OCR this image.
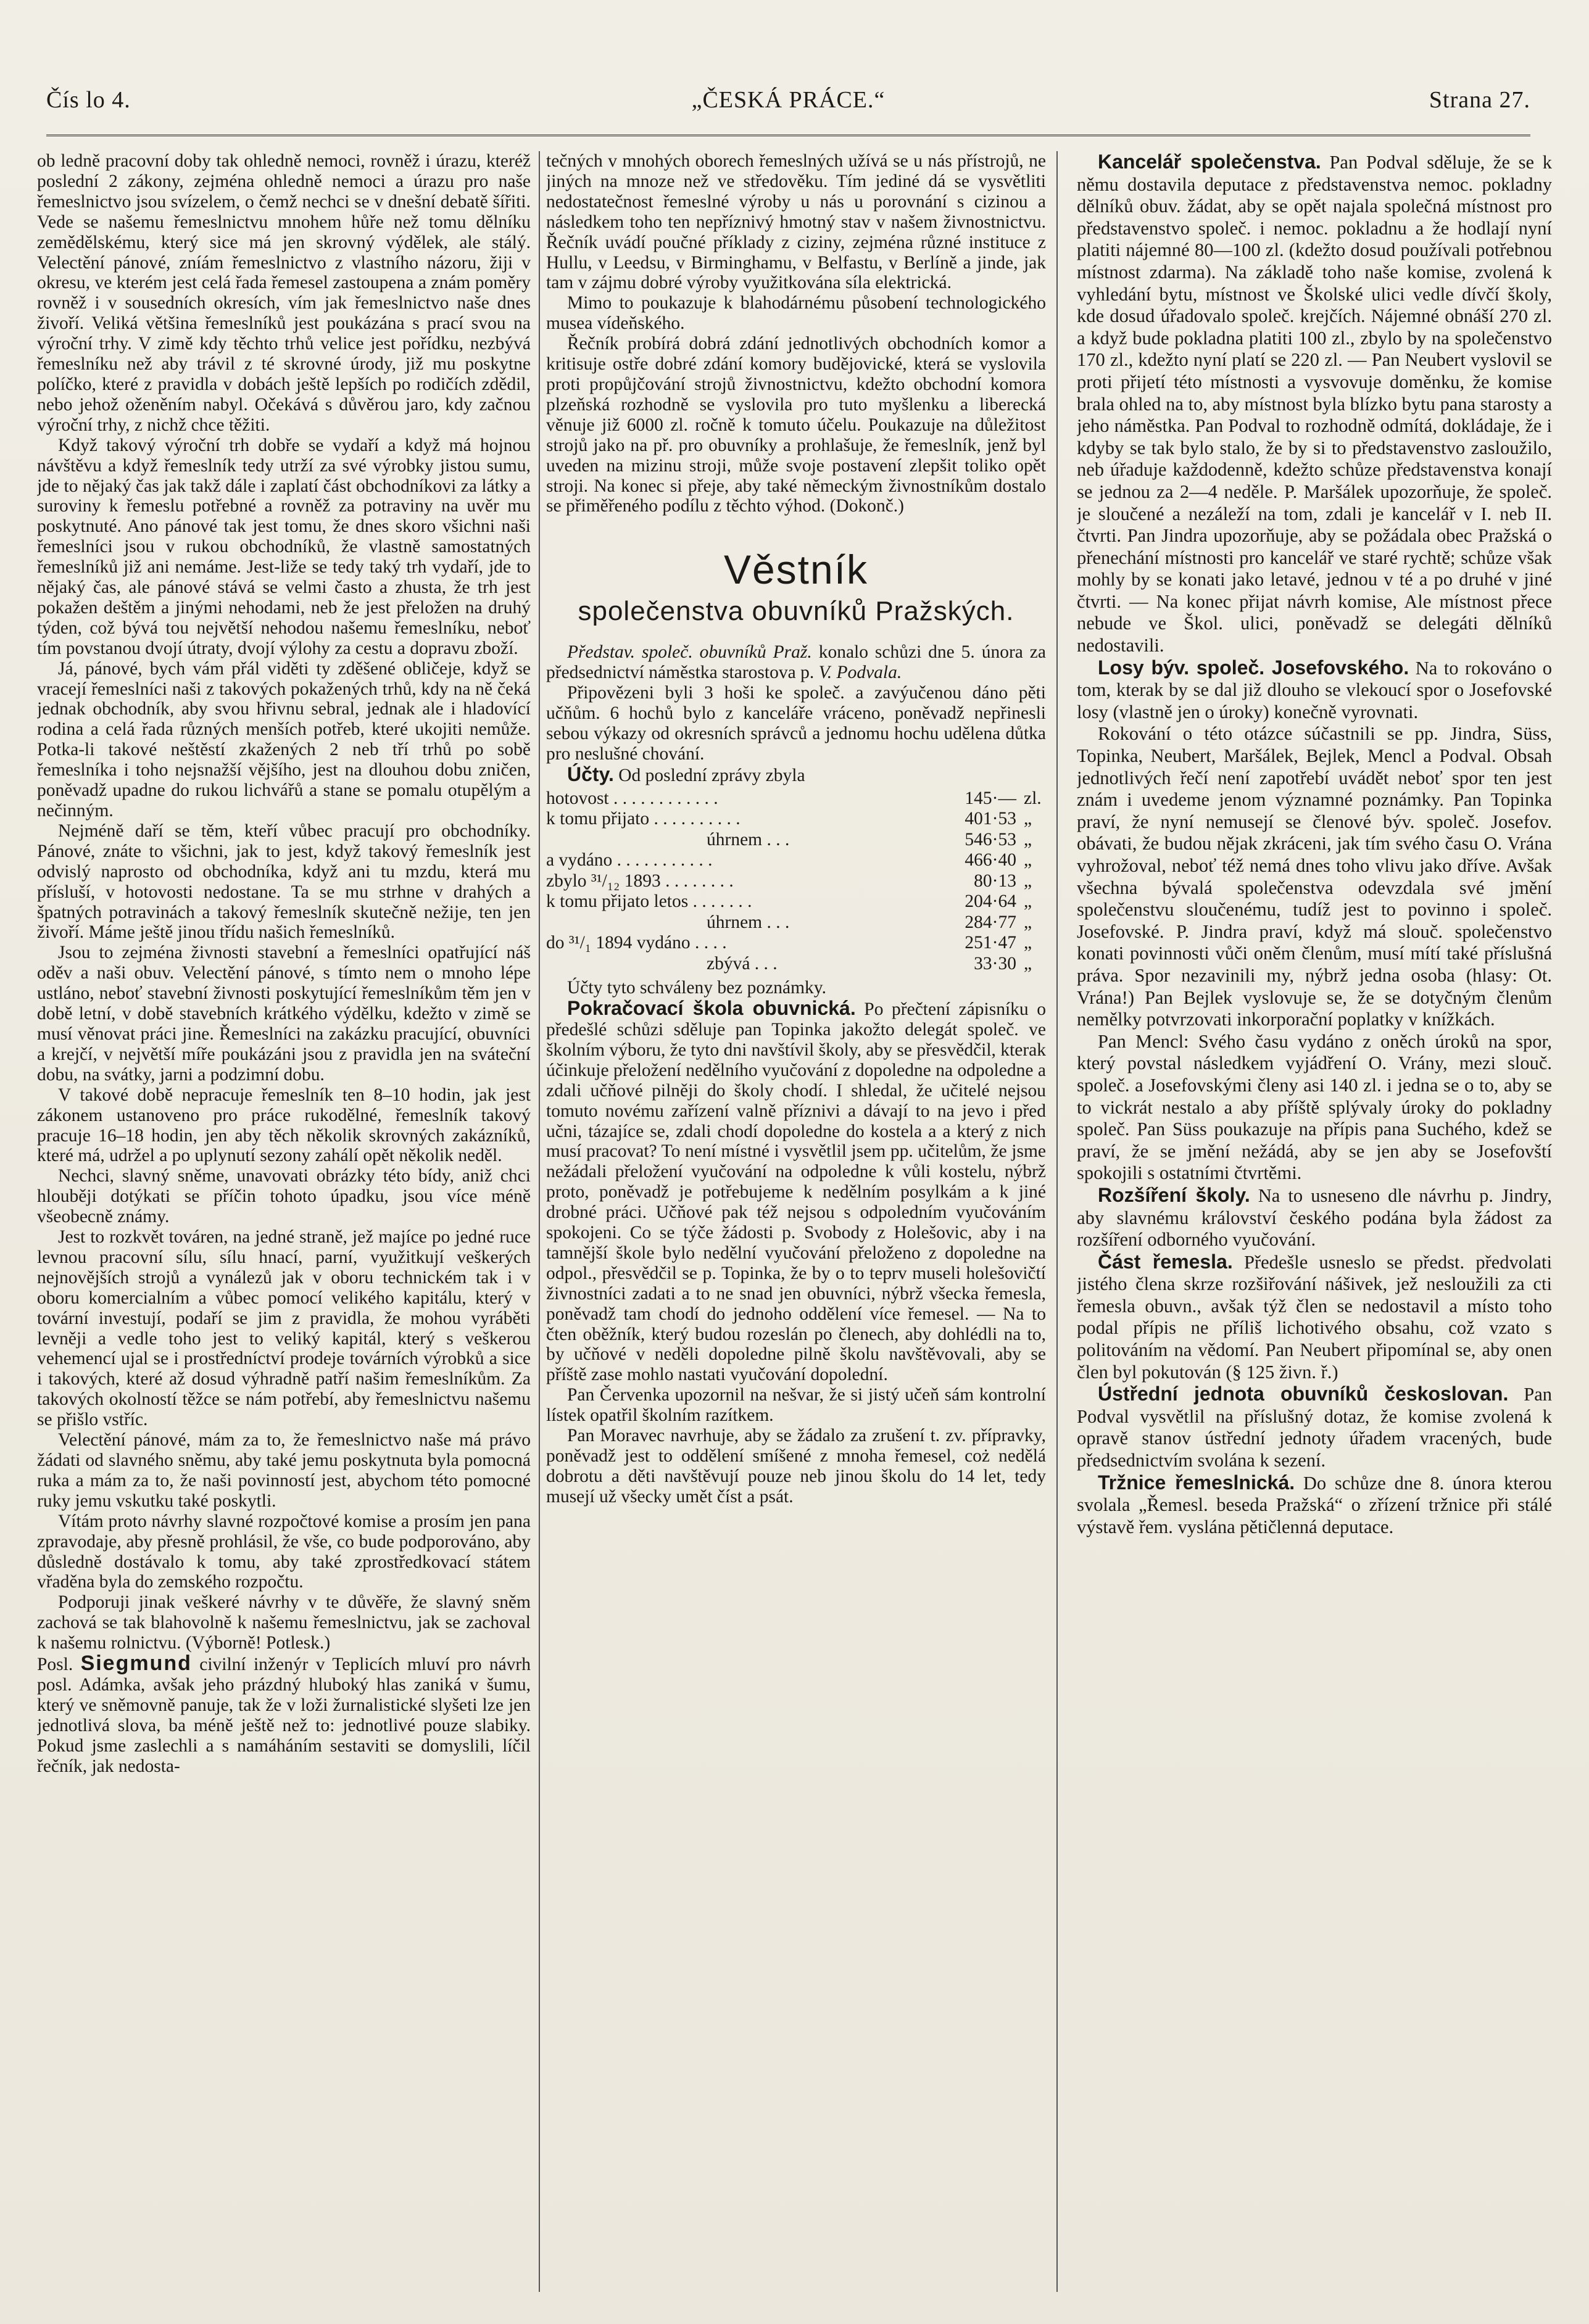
Čís lo 4.	„ČESKÁ PRÁCE.“	Strana 27.

ob ledně pracovní doby tak ohledně nemoci, rovněž i úrazu, kteréž poslední 2 zákony, zejména ohledně nemoci a úrazu pro naše řemeslnictvo jsou svízelem, o čemž nechci se v dnešní debatě šířiti. Vede se našemu řemeslnictvu mnohem hůře než tomu dělníku zemědělskému, který sice má jen skrovný výdělek, ale stálý. Velectění pánové, zníám řemeslnictvo z vlastního názoru, žiji v okresu, ve kterém jest celá řada řemesel zastoupena a znám poměry rovněž i v sousedních okresích, vím jak řemeslnictvo naše dnes živoří. Veliká většina řemeslníků jest poukázána s prací svou na výroční trhy. V zimě kdy těchto trhů velice jest pořídku, nezbývá řemeslníku než aby trávil z té skrovné úrody, již mu poskytne políčko, které z pravidla v dobách ještě lepších po rodičích zdědil, nebo jehož oženěním nabyl. Očekává s důvěrou jaro, kdy začnou výroční trhy, z nichž chce těžiti.

Když takový výroční trh dobře se vydaří a když má hojnou návštěvu a když řemeslník tedy utrží za své výrobky jistou sumu, jde to nějaký čas jak takž dále i zaplatí část obchodníkovi za látky a suroviny k řemeslu potřebné a rovněž za potraviny na uvěr mu poskytnuté. Ano pánové tak jest tomu, že dnes skoro všichni naši řemeslníci jsou v rukou obchodníků, že vlastně samostatných řemeslníků již ani nemáme. Jest-liže se tedy taký trh vydaří, jde to nějaký čas, ale pánové stává se velmi často a zhusta, že trh jest pokažen deštěm a jinými nehodami, neb že jest přeložen na druhý týden, což bývá tou největší nehodou našemu řemeslníku, neboť tím povstanou dvojí útraty, dvojí výlohy za cestu a dopravu zboží.

Já, pánové, bych vám přál viděti ty zděšené obličeje, když se vracejí řemeslníci naši z takových pokažených trhů, kdy na ně čeká jednak obchodník, aby svou hřivnu sebral, jednak ale i hladovící rodina a celá řada různých menších potřeb, které ukojiti nemůže. Potka-li takové neštěstí zkažených 2 neb tří trhů po sobě řemeslníka i toho nejsnažší vějšího, jest na dlouhou dobu zničen, poněvadž upadne do rukou lichvářů a stane se pomalu otupělým a nečinným.

Nejméně daří se těm, kteří vůbec pracují pro obchodníky. Pánové, znáte to všichni, jak to jest, když takový řemeslník jest odvislý naprosto od obchodníka, když ani tu mzdu, která mu přísluší, v hotovosti nedostane. Ta se mu strhne v drahých a špatných potravinách a takový řemeslník skutečně nežije, ten jen živoří. Máme ještě jinou třídu našich řemeslníků.

Jsou to zejména živnosti stavební a řemeslníci opatřující náš oděv a naši obuv. Velectění pánové, s tímto nem o mnoho lépe ustláno, neboť stavební živnosti poskytující řemeslníkům těm jen v době letní, v době stavebních krátkého výdělku, kdežto v zimě se musí věnovat práci jine. Řemeslníci na zakázku pracující, obuvníci a krejčí, v největší míře poukázáni jsou z pravidla jen na sváteční dobu, na svátky, jarni a podzimní dobu.

V takové době nepracuje řemeslník ten 8–10 hodin, jak jest zákonem ustanoveno pro práce rukodělné, řemeslník takový pracuje 16–18 hodin, jen aby těch několik skrovných zakázníků, které má, udržel a po uplynutí sezony zahálí opět několik neděl.

Nechci, slavný sněme, unavovati obrázky této bídy, aniž chci hlouběji dotýkati se příčin tohoto úpadku, jsou více méně všeobecně známy.

Jest to rozkvět továren, na jedné straně, jež majíce po jedné ruce levnou pracovní sílu, sílu hnací, parní, využitkují veškerých nejnovějších strojů a vynálezů jak v oboru technickém tak i v oboru komercialním a vůbec pomocí velikého kapitálu, který v tovární investují, podaří se jim z pravidla, že mohou vyráběti levněji a vedle toho jest to veliký kapitál, který s veškerou vehemencí ujal se i prostředníctví prodeje továrních výrobků a sice i takových, které až dosud výhradně patří našim řemeslníkům. Za takových okolností těžce se nám potřebí, aby řemeslnictvu našemu se přišlo vstříc.

Velectění pánové, mám za to, že řemeslnictvo naše má právo žádati od slavného sněmu, aby také jemu poskytnuta byla pomocná ruka a mám za to, že naši povinností jest, abychom této pomocné ruky jemu vskutku také poskytli.

Vítám proto návrhy slavné rozpočtové komise a prosím jen pana zpravodaje, aby přesně prohlásil, že vše, co bude podporováno, aby důsledně dostávalo k tomu, aby také zprostředkovací státem vřaděna byla do zemského rozpočtu.

Podporuji jinak veškeré návrhy v te důvěře, že slavný sněm zachová se tak blahovolně k našemu řemeslnictvu, jak se zachoval k našemu rolnictvu. (Výborně! Potlesk.)

Posl. Siegmund civilní inženýr v Teplicích mluví pro návrh posl. Adámka, avšak jeho prázdný hluboký hlas zaniká v šumu, který ve sněmovně panuje, tak že v loži žurnalistické slyšeti lze jen jednotlivá slova, ba méně ještě než to: jednotlivé pouze slabiky. Pokud jsme zaslechli a s namáháním sestaviti se domyslili, líčil řečník, jak nedosta-

tečných v mnohých oborech řemeslných užívá se u nás přístrojů, ne jiných na mnoze než ve středověku. Tím jediné dá se vysvětliti nedostatečnost řemeslné výroby u nás u porovnání s cizinou a následkem toho ten nepříznivý hmotný stav v našem živnostnictvu. Řečník uvádí poučné příklady z ciziny, zejména různé instituce z Hullu, v Leedsu, v Birminghamu, v Belfastu, v Berlíně a jinde, jak tam v zájmu dobré výroby využitkována síla elektrická.

Mimo to poukazuje k blahodárnému působení technologického musea vídeňského.

Řečník probírá dobrá zdání jednotlivých obchodních komor a kritisuje ostře dobré zdání komory budějovické, která se vyslovila proti propůjčování strojů živnostnictvu, kdežto obchodní komora plzeňská rozhodně se vyslovila pro tuto myšlenku a liberecká věnuje již 6000 zl. ročně k tomuto účelu. Poukazuje na důležitost strojů jako na př. pro obuvníky a prohlašuje, že řemeslník, jenž byl uveden na mizinu stroji, může svoje postavení zlepšit toliko opět stroji. Na konec si přeje, aby také německým živnostníkům dostalo se přiměřeného podílu z těchto výhod. (Dokonč.)

Věstník
společenstva obuvníků Pražských.

Představ. společ. obuvníků Praž. konalo schůzi dne 5. února za předsednictví náměstka starostova p. V. Podvala.

Připovězeni byli 3 hoši ke společ. a zavýučenou dáno pěti učňům. 6 hochů bylo z kanceláře vráceno, poněvadž nepřinesli sebou výkazy od okresních správců a jednomu hochu udělena důtka pro neslušné chování.

Účty. Od poslední zprávy zbyla

hotovost . . . . . . . . . . . .	145·—	zl.
k tomu přijato . . . . . . . . . .	401·53	„
úhrnem . . .	546·53	„
a vydáno . . . . . . . . . . .	466·40	„
zbylo ³¹/₁₂ 1893 . . . . . . . .	80·13	„
k tomu přijato letos . . . . . . .	204·64	„
úhrnem . . .	284·77	„
do ³¹/₁ 1894 vydáno . . . .	251·47	„
zbývá . . .	33·30	„

Účty tyto schváleny bez poznámky.

Pokračovací škola obuvnická. Po přečtení zápisníku o předešlé schůzi sděluje pan Topinka jakožto delegát společ. ve školním výboru, že tyto dni navštívil školy, aby se přesvědčil, kterak účinkuje přeložení nedělního vyučování z dopoledne na odpoledne a zdali učňové pilněji do školy chodí. I shledal, že učitelé nejsou tomuto novému zařízení valně příznivi a dávají to na jevo i před učni, tázajíce se, zdali chodí dopoledne do kostela a a který z nich musí pracovat? To není místné i vysvětlil jsem pp. učitelům, že jsme nežádali přeložení vyučování na odpoledne k vůli kostelu, nýbrž proto, poněvadž je potřebujeme k nedělním posylkám a k jiné drobné práci. Učňové pak též nejsou s odpoledním vyučováním spokojeni. Co se týče žádosti p. Svobody z Holešovic, aby i na tamnější škole bylo nedělní vyučování přeloženo z dopoledne na odpol., přesvědčil se p. Topinka, že by o to teprv museli holešovičtí živnostníci zadati a to ne snad jen obuvníci, nýbrž všecka řemesla, poněvadž tam chodí do jednoho oddělení více řemesel. — Na to čten oběžník, který budou rozeslán po členech, aby dohlédli na to, by učňové v neděli dopoledne pilně školu navštěvovali, aby se příště zase mohlo nastati vyučování dopolední.

Pan Červenka upozornil na nešvar, že si jistý učeň sám kontrolní lístek opatřil školním razítkem.

Pan Moravec navrhuje, aby se žádalo za zrušení t. zv. přípravky, poněvadž jest to oddělení smíšené z mnoha řemesel, coż nedělá dobrotu a děti navštěvují pouze neb jinou školu do 14 let, tedy musejí už všecky umět číst a psát.

Kancelář společenstva. Pan Podval sděluje, že se k němu dostavila deputace z představenstva nemoc. pokladny dělníků obuv. žádat, aby se opět najala společná místnost pro představenstvo společ. i nemoc. pokladnu a že hodlají nyní platiti nájemné 80—100 zl. (kdežto dosud používali potřebnou místnost zdarma). Na základě toho naše komise, zvolená k vyhledání bytu, místnost ve Školské ulici vedle dívčí školy, kde dosud úřadovalo společ. krejčích. Nájemné obnáší 270 zl. a když bude pokladna platiti 100 zl., zbylo by na společenstvo 170 zl., kdežto nyní platí se 220 zl. — Pan Neubert vyslovil se proti přijetí této místnosti a vysvovuje doměnku, že komise brala ohled na to, aby místnost byla blízko bytu pana starosty a jeho náměstka. Pan Podval to rozhodně odmítá, dokládaje, že i kdyby se tak bylo stalo, že by si to představenstvo zasloužilo, neb úřaduje každodenně, kdežto schůze představenstva konají se jednou za 2—4 neděle. P. Maršálek upozorňuje, že společ. je sloučené a nezáleží na tom, zdali je kancelář v I. neb II. čtvrti. Pan Jindra upozorňuje, aby se požádala obec Pražská o přenechání místnosti pro kancelář ve staré rychtě; schůze však mohly by se konati jako letavé, jednou v té a po druhé v jiné čtvrti. — Na konec přijat návrh komise, Ale místnost přece nebude ve Škol. ulici, poněvadž se delegáti dělníků nedostavili.

Losy býv. společ. Josefovského. Na to rokováno o tom, kterak by se dal již dlouho se vlekoucí spor o Josefovské losy (vlastně jen o úroky) konečně vyrovnati.

Rokování o této otázce súčastnili se pp. Jindra, Süss, Topinka, Neubert, Maršálek, Bejlek, Mencl a Podval. Obsah jednotlivých řečí není zapotřebí uvádět neboť spor ten jest znám i uvedeme jenom významné poznámky. Pan Topinka praví, že nyní nemusejí se členové býv. společ. Josefov. obávati, že budou nějak zkráceni, jak tím svého času O. Vrána vyhrožoval, neboť též nemá dnes toho vlivu jako dříve. Avšak všechna bývalá společenstva odevzdala své jmění společenstvu sloučenému, tudíž jest to povinno i společ. Josefovské. P. Jindra praví, když má slouč. společenstvo konati povinnosti vůči oněm členům, musí mítí také příslušná práva. Spor nezavinili my, nýbrž jedna osoba (hlasy: Ot. Vrána!) Pan Bejlek vyslovuje se, že se dotyčným členům nemělky potvrzovati inkorporační poplatky v knížkách.

Pan Mencl: Svého času vydáno z oněch úroků na spor, který povstal následkem vyjádření O. Vrány, mezi slouč. společ. a Josefovskými členy asi 140 zl. i jedna se o to, aby se to vickrát nestalo a aby příště splývaly úroky do pokladny společ. Pan Süss poukazuje na přípis pana Suchého, kdež se praví, že se jmění nežádá, aby se jen aby se Josefovští spokojili s ostatními čtvrtěmi.

Rozšíření školy. Na to usneseno dle návrhu p. Jindry, aby slavnému království českého podána byla žádost za rozšíření odborného vyučování.

Část řemesla. Předešle usneslo se předst. předvolati jistého člena skrze rozšiřování nášivek, jež nesloužili za cti řemesla obuvn., avšak týž člen se nedostavil a místo toho podal přípis ne příliš lichotivého obsahu, což vzato s politováním na vědomí. Pan Neubert připomínal se, aby onen člen byl pokutován (§ 125 živn. ř.)

Ústřední jednota obuvníků českoslovan. Pan Podval vysvětlil na příslušný dotaz, že komise zvolená k opravě stanov ústřední jednoty úřadem vracených, bude předsednictvím svolána k sezení.

Tržnice řemeslnická. Do schůze dne 8. února kterou svolala „Řemesl. beseda Pražská“ o zřízení tržnice při stálé výstavě řem. vyslána pětičlenná deputace.
